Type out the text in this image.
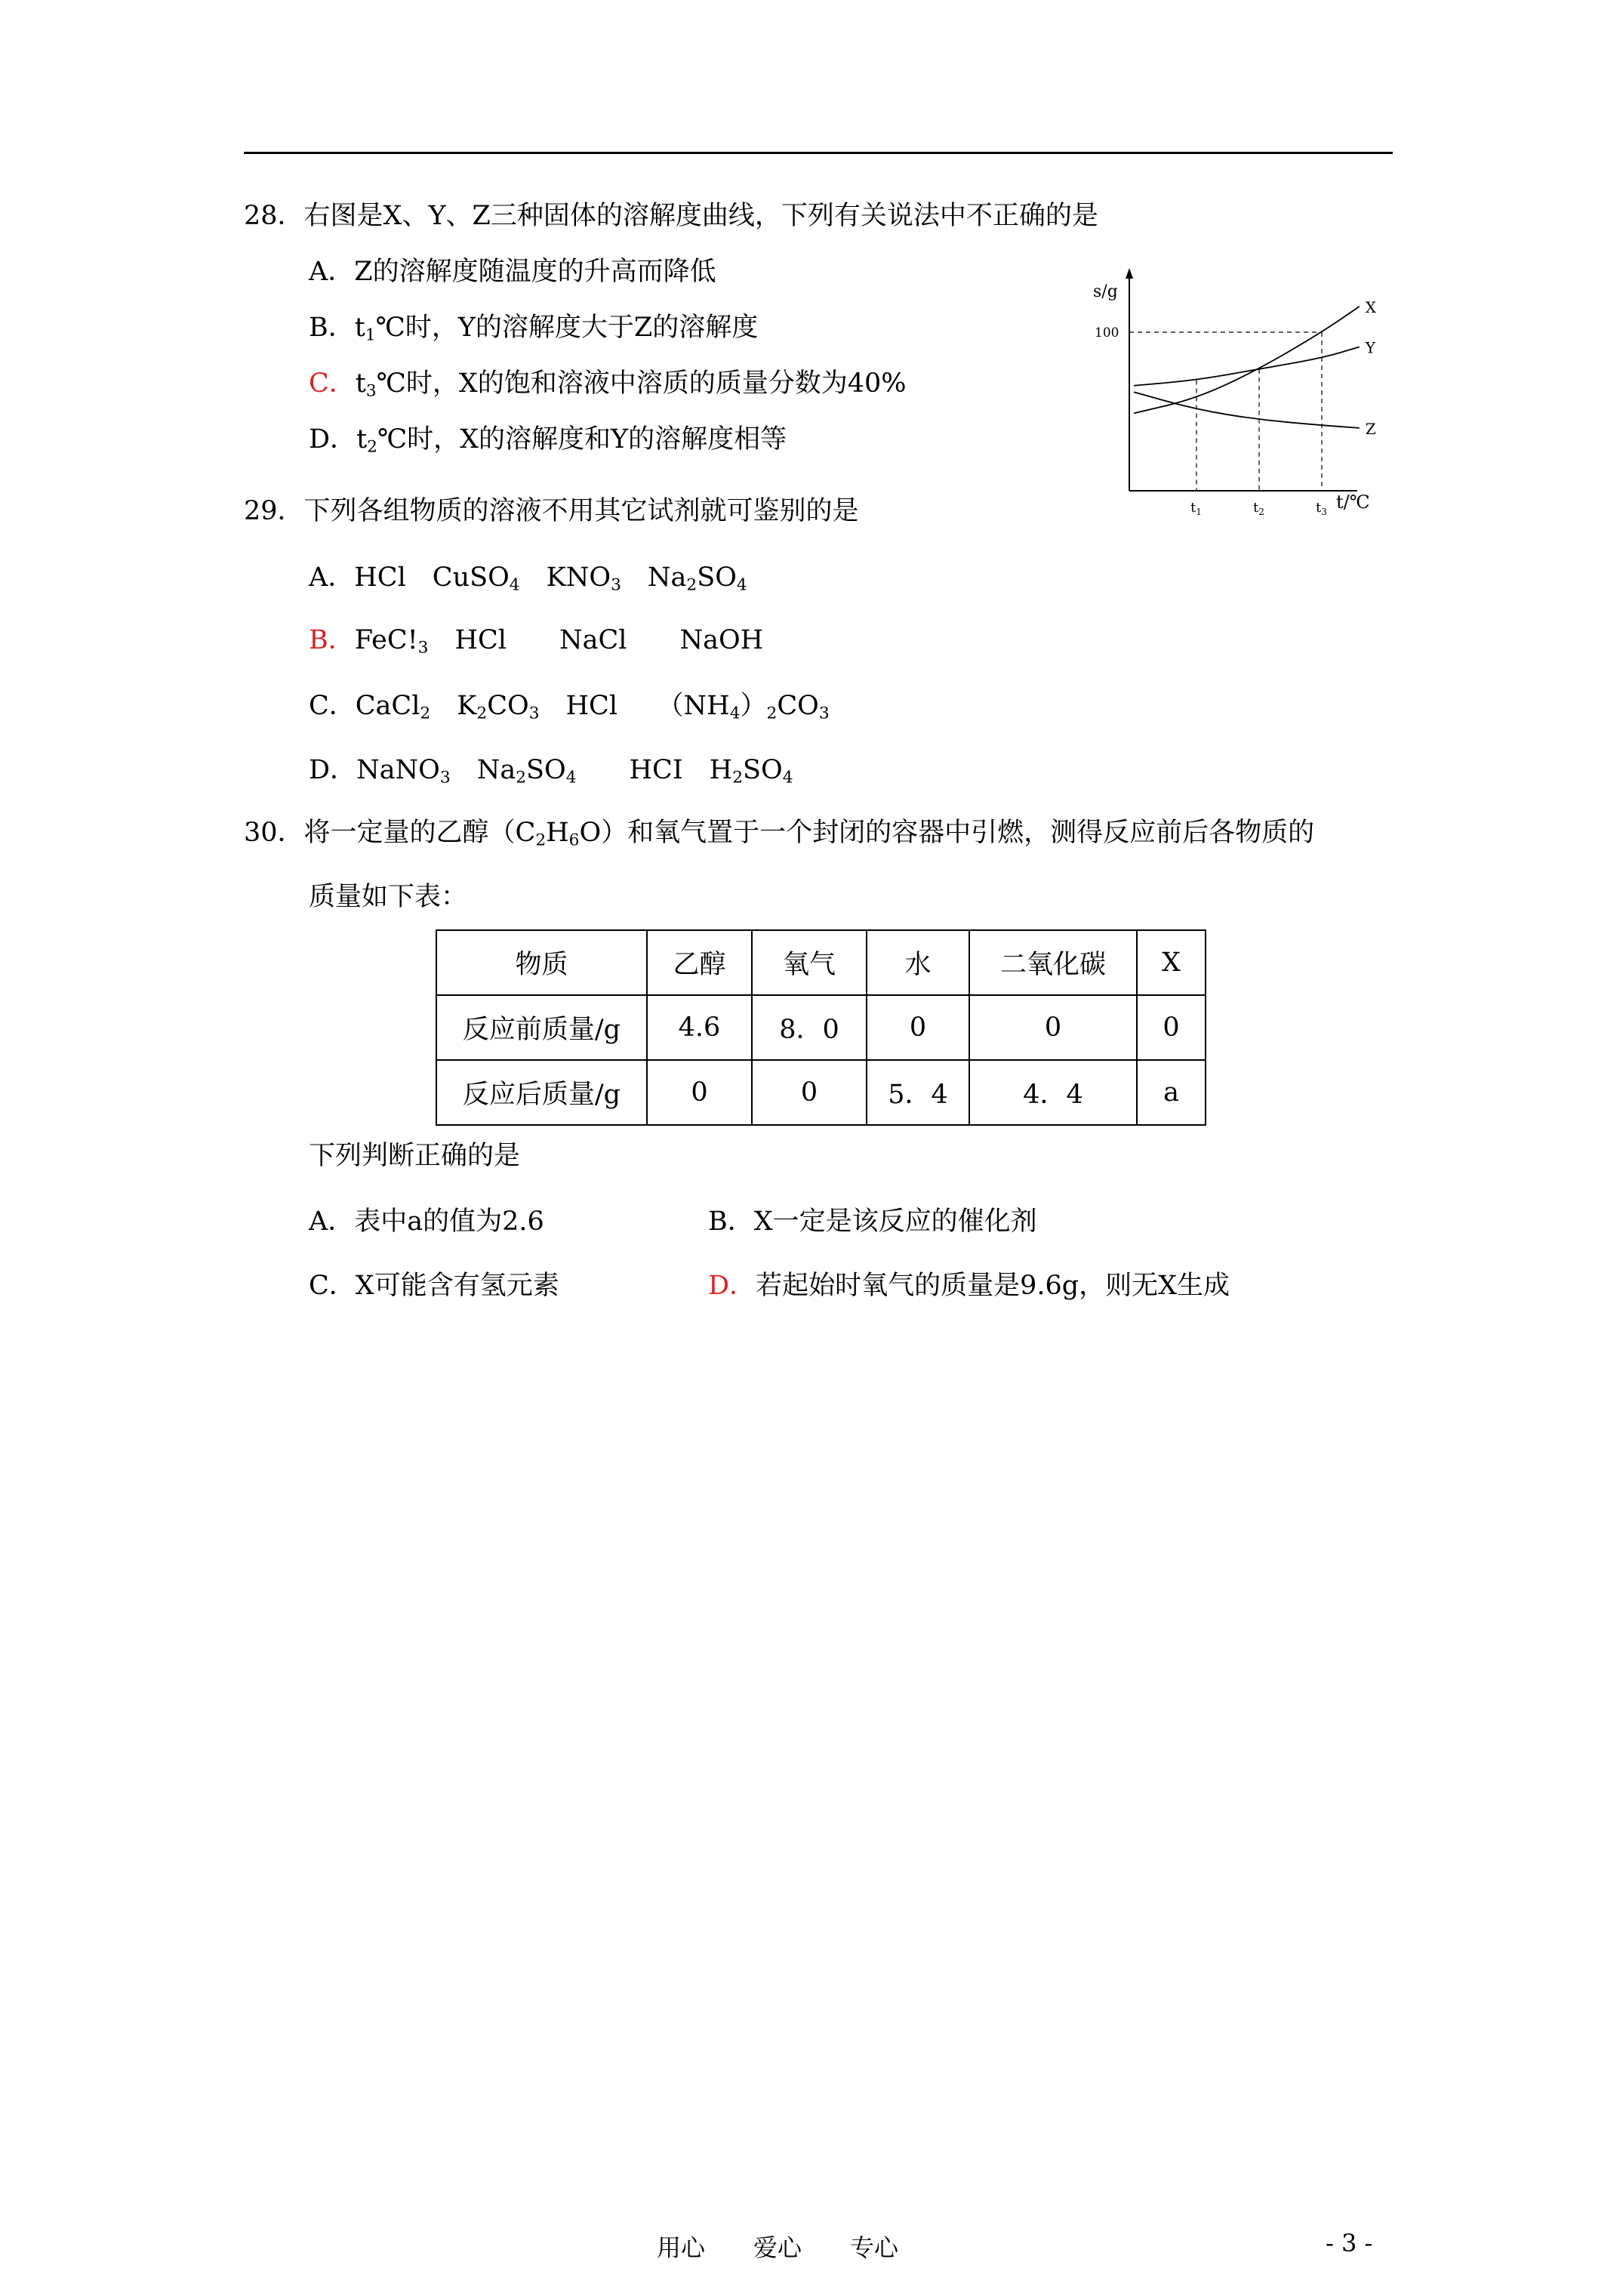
28．右图是X、Y、Z三种固体的溶解度曲线，下列有关说法中不正确的是
A．Z的溶解度随温度的升高而降低
B．$t_1℃$时，Y的溶解度大于Z的溶解度
C．$t_3℃$时，X的饱和溶液中溶质的质量分数为40%
D．$t_2℃$时，X的溶解度和Y的溶解度相等
s/g
t/℃
100
$t_1$	$t_2$	$t_3$
X
Y
Z
29．下列各组物质的溶液不用其它试剂就可鉴别的是
A．HCl　 CuSO$_4$　 $KNO_3$　 $Na_2SO_4$
B．$FeC!_3$　 HCl　　 NaCl　　 NaOH
C．CaCl$_2$　 $K_2CO_3$　 HCl　　 $(NH_4)_2CO_3$
D．NaNO$_3$　 $Na_2SO_4$　　 HCI　 $H_2SO_4$
30．将一定量的乙醇$(C_2H_6O)$和氧气置于一个封闭的容器中引燃，测得反应前后各物质的
质量如下表：
物质	乙醇	氧气	水	二氧化碳	X
反应前质量/g	4.6	8．0	0	0	0
反应后质量/g	0	0	5．4	4．4	a
下列判断正确的是
A．表中a的值为2.6	B．X一定是该反应的催化剂
C．X可能含有氢元素	D．若起始时氧气的质量是9.6g，则无X生成
用心　　爱心　　专心	- 3 -
